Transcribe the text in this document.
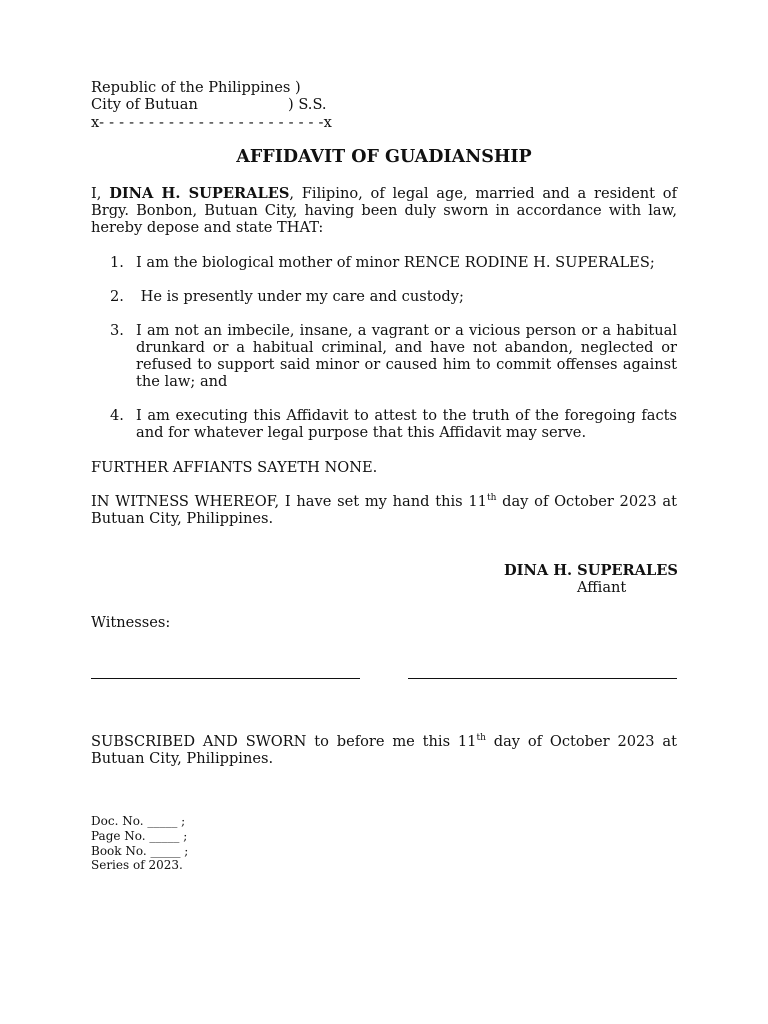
Republic of the Philippines )
City of Butuan	) S.S.
x- - - - - - - - - - - - - - - - - - - - - - -x
AFFIDAVIT OF GUADIANSHIP
I, DINA H. SUPERALES, Filipino, of legal age, married and a resident of Brgy. Bonbon, Butuan City, having been duly sworn in accordance with law, hereby depose and state THAT:
1. I am the biological mother of minor RENCE RODINE H. SUPERALES;
2. He is presently under my care and custody;
3. I am not an imbecile, insane, a vagrant or a vicious person or a habitual drunkard or a habitual criminal, and have not abandon, neglected or refused to support said minor or caused him to commit offenses against the law; and
4. I am executing this Affidavit to attest to the truth of the foregoing facts and for whatever legal purpose that this Affidavit may serve.
FURTHER AFFIANTS SAYETH NONE.
IN WITNESS WHEREOF, I have set my hand this 11th day of October 2023 at Butuan City, Philippines.
DINA H. SUPERALES
Affiant
Witnesses:
SUBSCRIBED AND SWORN to before me this 11th day of October 2023 at Butuan City, Philippines.
Doc. No. _____ ;
Page No. _____ ;
Book No. _____ ;
Series of 2023.
